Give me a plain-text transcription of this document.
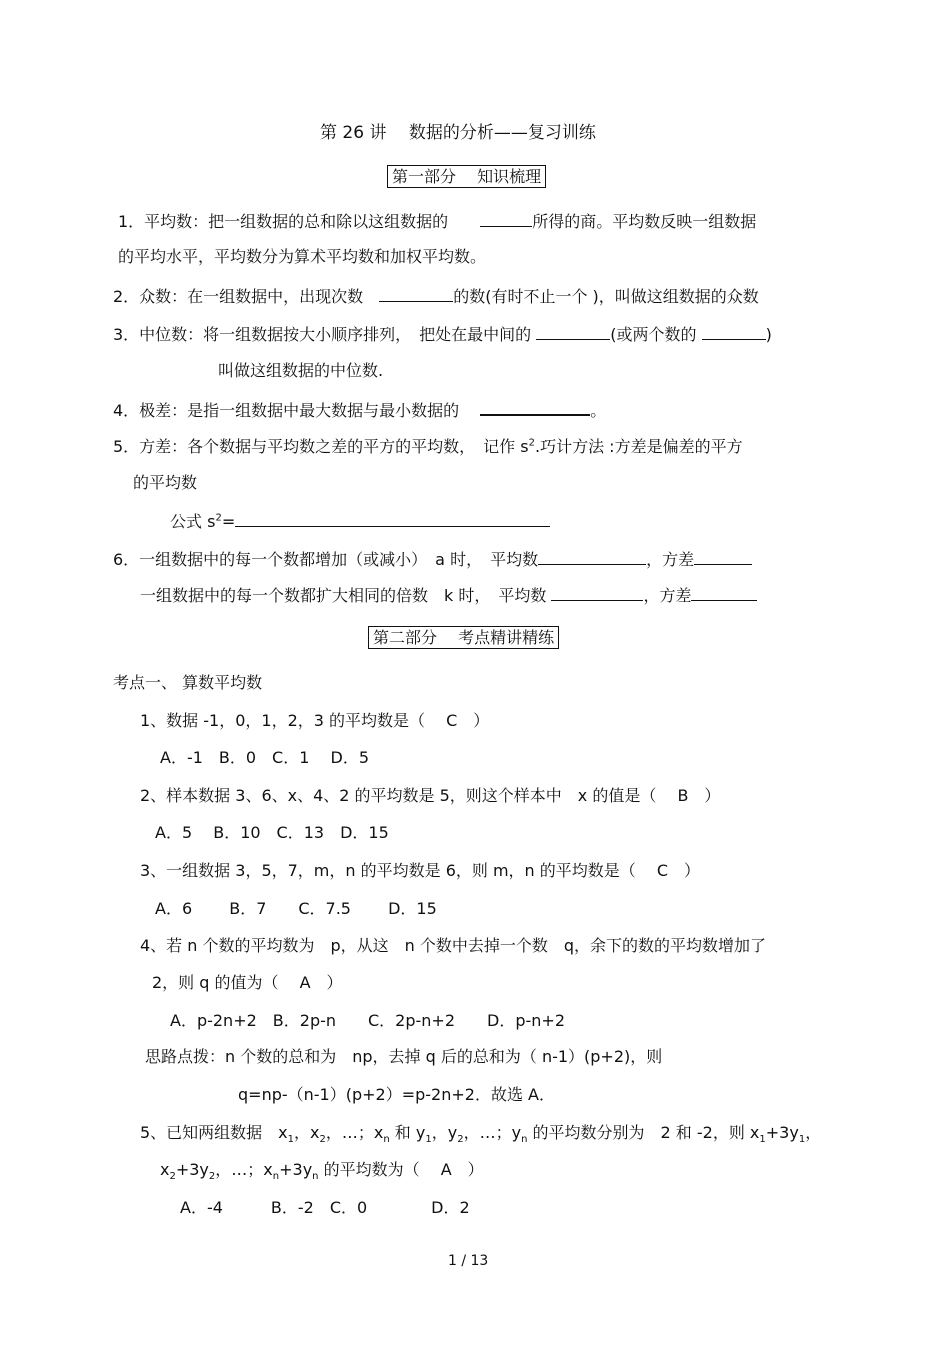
第 26 讲　 数据的分析——复习训练
第一部分　 知识梳理
1．平均数：把一组数据的总和除以这组数据的　　	所得的商。平均数反映一组数据
的平均水平，平均数分为算术平均数和加权平均数。
2．众数：在一组数据中，出现次数　	的数(有时不止一个 )，叫做这组数据的众数
3．中位数：将一组数据按大小顺序排列，　把处在最中间的	(或两个数的	)
叫做这组数据的中位数.
4．极差：是指一组数据中最大数据与最小数据的　	。
5．方差：各个数据与平均数之差的平方的平均数，　记作 $s^2$.巧计方法 :方差是偏差的平方
的平均数
公式 $s^2=$
6．一组数据中的每一个数都增加（或减小）　a 时，　平均数	，方差
一组数据中的每一个数都扩大相同的倍数　k 时，　平均数	，方差
第二部分　 考点精讲精练
考点一、 算数平均数
1、数据 -1，0，1，2，3 的平均数是（　 C　）
A．-1　B．0　C．1　 D．5
2、样本数据 3、6、x、4、2 的平均数是 5，则这个样本中　x 的值是（　 B　）
A．5　 B．10　C．13　D．15
3、一组数据 3，5，7，m，n 的平均数是 6，则 m，n 的平均数是（　 C　）
A．6　　 B．7　　C．7.5　　 D．15
4、若 n 个数的平均数为　p，从这　n 个数中去掉一个数　q，余下的数的平均数增加了
2，则 q 的值为（　 A　）
A．p-2n+2　B．2p-n　　C．2p-n+2　　D．p-n+2
思路点拨：n 个数的总和为　np，去掉 q 后的总和为（ n-1）(p+2)，则
q=np-（n-1）(p+2）=p-2n+2．故选 A．
5、已知两组数据　$x_1$，$x_2$，…；$x_n$ 和 $y_1$，$y_2$，…；$y_n$ 的平均数分别为　2 和 -2，则 $x_1+3y_1$，
$x_2+3y_2$，…；$x_n+3y_n$ 的平均数为（　 A　）
A．-4　　　B．-2　C．0　　　　D．2
1 / 13
